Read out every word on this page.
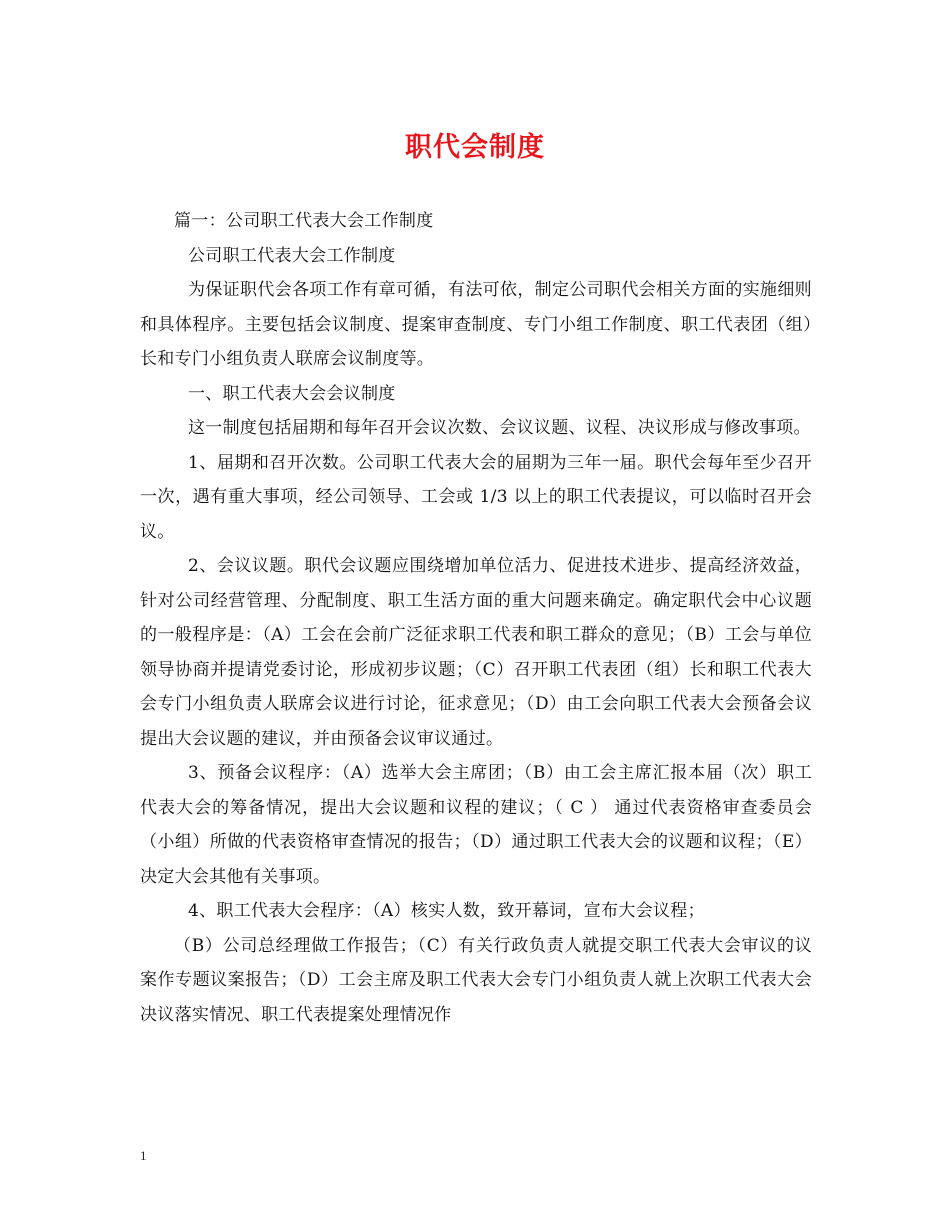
职代会制度

篇一：公司职工代表大会工作制度

公司职工代表大会工作制度

为保证职代会各项工作有章可循，有法可依，制定公司职代会相关方面的实施细则和具体程序。主要包括会议制度、提案审查制度、专门小组工作制度、职工代表团（组）长和专门小组负责人联席会议制度等。

一、职工代表大会会议制度

这一制度包括届期和每年召开会议次数、会议议题、议程、决议形成与修改事项。

1、届期和召开次数。公司职工代表大会的届期为三年一届。职代会每年至少召开一次，遇有重大事项，经公司领导、工会或 1/3 以上的职工代表提议，可以临时召开会议。

2、会议议题。职代会议题应围绕增加单位活力、促进技术进步、提高经济效益，针对公司经营管理、分配制度、职工生活方面的重大问题来确定。确定职代会中心议题的一般程序是：（A）工会在会前广泛征求职工代表和职工群众的意见；（B）工会与单位领导协商并提请党委讨论，形成初步议题；（C）召开职工代表团（组）长和职工代表大会专门小组负责人联席会议进行讨论，征求意见；（D）由工会向职工代表大会预备会议提出大会议题的建议，并由预备会议审议通过。

3、预备会议程序：（A）选举大会主席团；（B）由工会主席汇报本届（次）职工代表大会的筹备情况，提出大会议题和议程的建议；（ C ） 通过代表资格审查委员会（小组）所做的代表资格审查情况的报告；（D）通过职工代表大会的议题和议程；（E）决定大会其他有关事项。

4、职工代表大会程序：（A）核实人数，致开幕词，宣布大会议程；

（B）公司总经理做工作报告；（C）有关行政负责人就提交职工代表大会审议的议案作专题议案报告；（D）工会主席及职工代表大会专门小组负责人就上次职工代表大会决议落实情况、职工代表提案处理情况作

1
